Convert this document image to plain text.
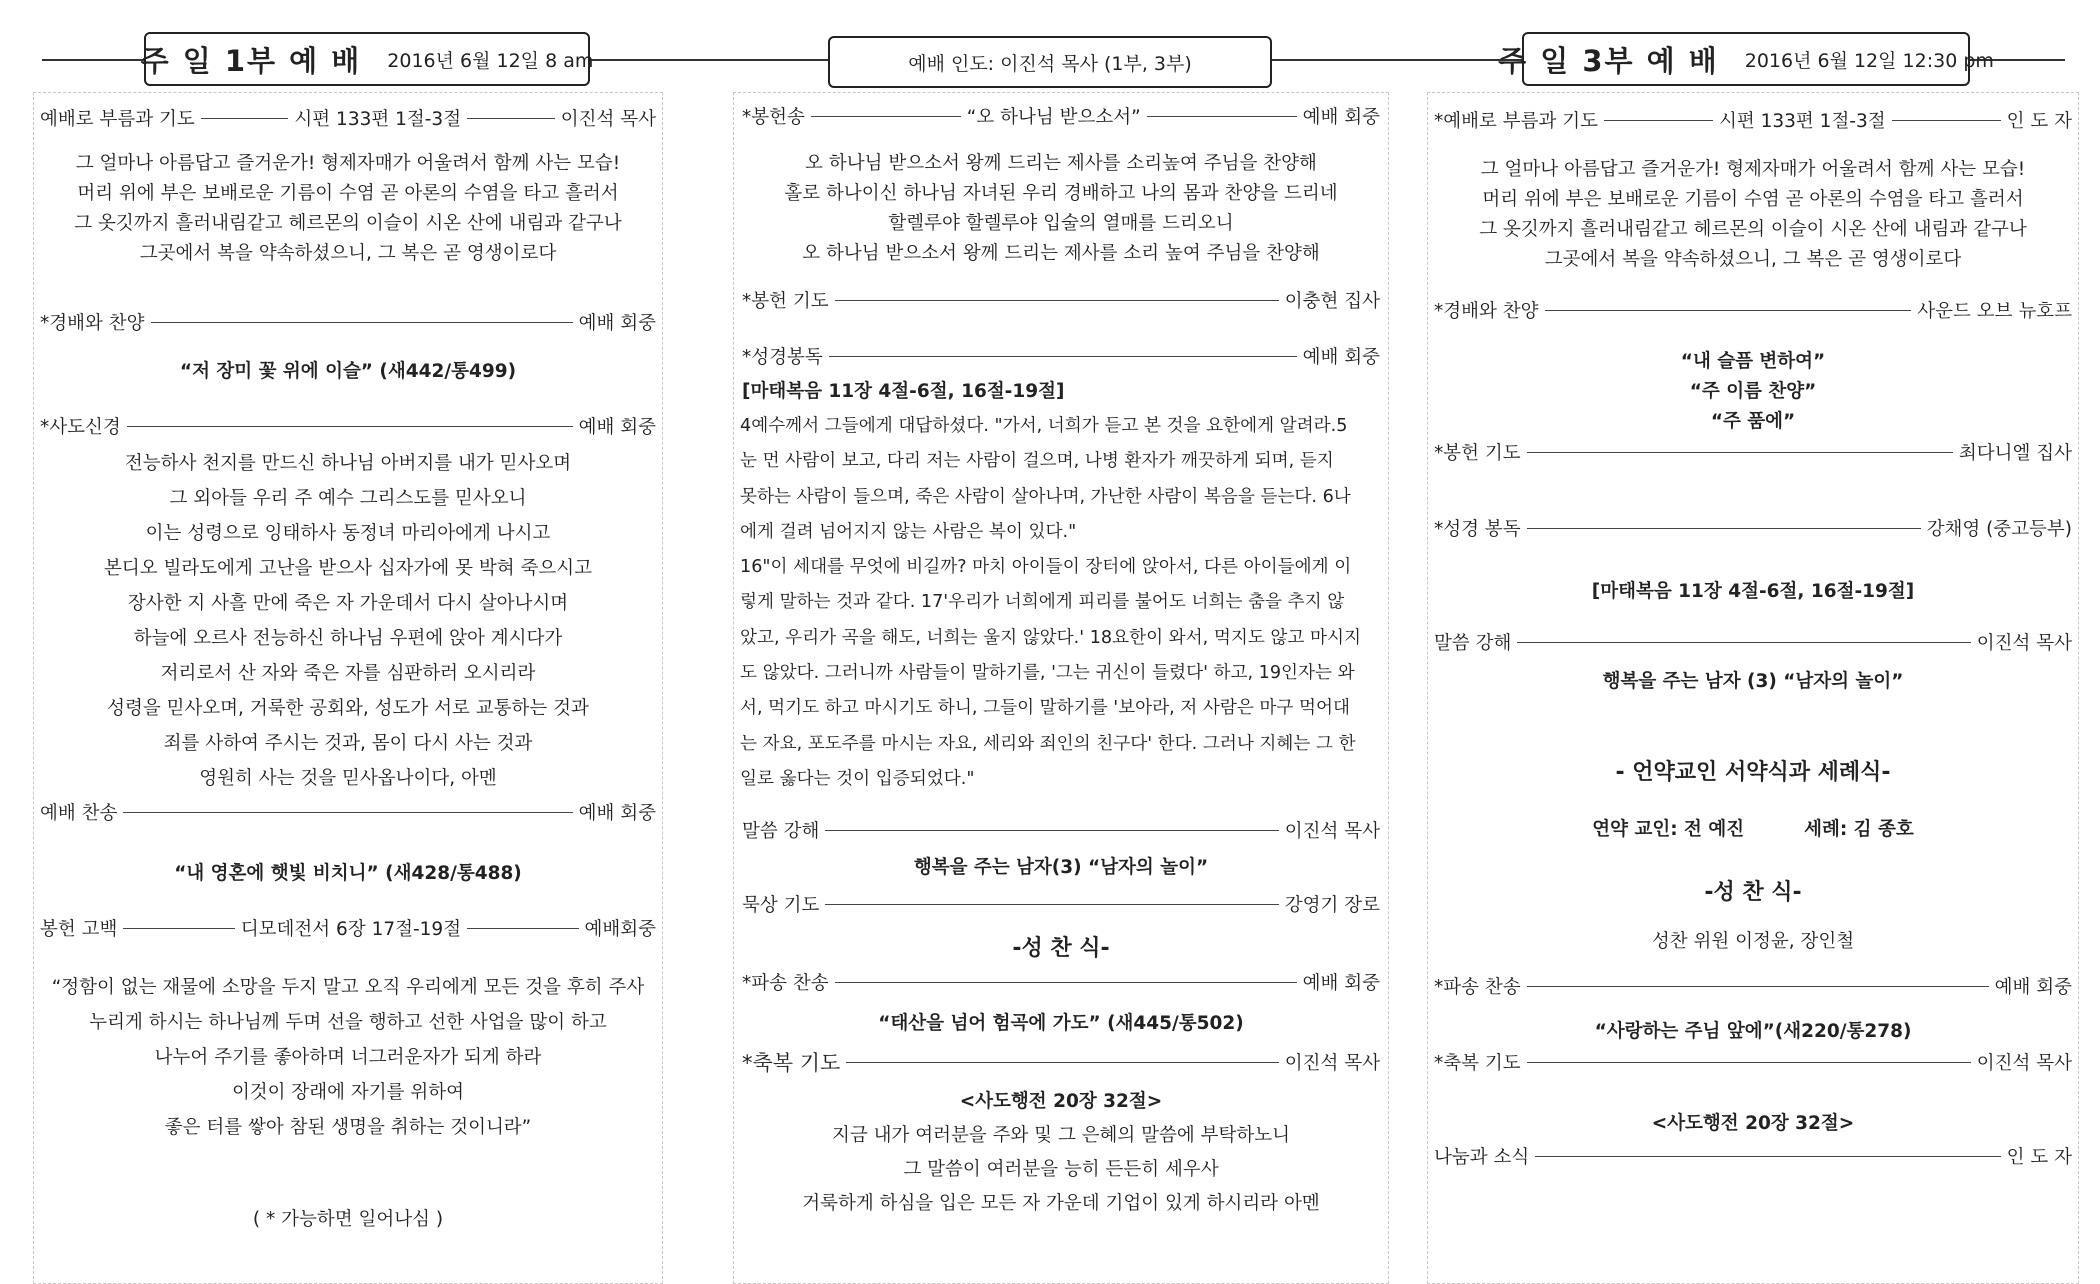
주 일 1부 예 배 2016년 6월 12일 8 am	예배 인도: 이진석 목사 (1부, 3부)	주 일 3부 예 배 2016년 6월 12일 12:30 pm
예배로 부름과 기도	시편 133편 1절-3절	이진석 목사
그 얼마나 아름답고 즐거운가! 형제자매가 어울려서 함께 사는 모습!
머리 위에 부은 보배로운 기름이 수염 곧 아론의 수염을 타고 흘러서
그 옷깃까지 흘러내림같고 헤르몬의 이슬이 시온 산에 내림과 같구나
그곳에서 복을 약속하셨으니, 그 복은 곧 영생이로다
*경배와 찬양	예배 회중
“저 장미 꽃 위에 이슬” (새442/통499)
*사도신경	예배 회중
전능하사 천지를 만드신 하나님 아버지를 내가 믿사오며
그 외아들 우리 주 예수 그리스도를 믿사오니
이는 성령으로 잉태하사 동정녀 마리아에게 나시고
본디오 빌라도에게 고난을 받으사 십자가에 못 박혀 죽으시고
장사한 지 사흘 만에 죽은 자 가운데서 다시 살아나시며
하늘에 오르사 전능하신 하나님 우편에 앉아 계시다가
저리로서 산 자와 죽은 자를 심판하러 오시리라
성령을 믿사오며, 거룩한 공회와, 성도가 서로 교통하는 것과
죄를 사하여 주시는 것과, 몸이 다시 사는 것과
영원히 사는 것을 믿사옵나이다, 아멘
예배 찬송	예배 회중
“내 영혼에 햇빛 비치니” (새428/통488)
봉헌 고백	디모데전서 6장 17절-19절	예배회중
“정함이 없는 재물에 소망을 두지 말고 오직 우리에게 모든 것을 후히 주사
누리게 하시는 하나님께 두며 선을 행하고 선한 사업을 많이 하고
나누어 주기를 좋아하며 너그러운자가 되게 하라
이것이 장래에 자기를 위하여
좋은 터를 쌓아 참된 생명을 취하는 것이니라”
( * 가능하면 일어나심 )
*봉헌송	“오 하나님 받으소서”	예배 회중
오 하나님 받으소서 왕께 드리는 제사를 소리높여 주님을 찬양해
홀로 하나이신 하나님 자녀된 우리 경배하고 나의 몸과 찬양을 드리네
할렐루야 할렐루야 입술의 열매를 드리오니
오 하나님 받으소서 왕께 드리는 제사를 소리 높여 주님을 찬양해
*봉헌 기도	이충현 집사
*성경봉독	예배 회중
[마태복음 11장 4절-6절, 16절-19절]
4예수께서 그들에게 대답하셨다. "가서, 너희가 듣고 본 것을 요한에게 알려라.5
눈 먼 사람이 보고, 다리 저는 사람이 걸으며, 나병 환자가 깨끗하게 되며, 듣지
못하는 사람이 들으며, 죽은 사람이 살아나며, 가난한 사람이 복음을 듣는다. 6나
에게 걸려 넘어지지 않는 사람은 복이 있다."
16"이 세대를 무엇에 비길까? 마치 아이들이 장터에 앉아서, 다른 아이들에게 이
렇게 말하는 것과 같다. 17'우리가 너희에게 피리를 불어도 너희는 춤을 추지 않
았고, 우리가 곡을 해도, 너희는 울지 않았다.' 18요한이 와서, 먹지도 않고 마시지
도 않았다. 그러니까 사람들이 말하기를, '그는 귀신이 들렸다' 하고, 19인자는 와
서, 먹기도 하고 마시기도 하니, 그들이 말하기를 '보아라, 저 사람은 마구 먹어대
는 자요, 포도주를 마시는 자요, 세리와 죄인의 친구다' 한다. 그러나 지혜는 그 한
일로 옳다는 것이 입증되었다."
말씀 강해	이진석 목사
행복을 주는 남자(3) “남자의 놀이”
묵상 기도	강영기 장로
-성 찬 식-
*파송 찬송	예배 회중
“태산을 넘어 험곡에 가도” (새445/통502)
*축복 기도	이진석 목사
<사도행전 20장 32절>
지금 내가 여러분을 주와 및 그 은혜의 말씀에 부탁하노니
그 말씀이 여러분을 능히 든든히 세우사
거룩하게 하심을 입은 모든 자 가운데 기업이 있게 하시리라 아멘
*예배로 부름과 기도	시편 133편 1절-3절	인 도 자
그 얼마나 아름답고 즐거운가! 형제자매가 어울려서 함께 사는 모습!
머리 위에 부은 보배로운 기름이 수염 곧 아론의 수염을 타고 흘러서
그 옷깃까지 흘러내림같고 헤르몬의 이슬이 시온 산에 내림과 같구나
그곳에서 복을 약속하셨으니, 그 복은 곧 영생이로다
*경배와 찬양	사운드 오브 뉴호프
“내 슬픔 변하여”
“주 이름 찬양”
“주 품에”
*봉헌 기도	최다니엘 집사
*성경 봉독	강채영 (중고등부)
[마태복음 11장 4절-6절, 16절-19절]
말씀 강해	이진석 목사
행복을 주는 남자 (3) “남자의 놀이”
- 언약교인 서약식과 세례식-
연약 교인: 전 예진	세례: 김 종호
-성 찬 식-
성찬 위원 이정윤, 장인철
*파송 찬송	예배 회중
“사랑하는 주님 앞에”(새220/통278)
*축복 기도	이진석 목사
<사도행전 20장 32절>
나눔과 소식	인 도 자
